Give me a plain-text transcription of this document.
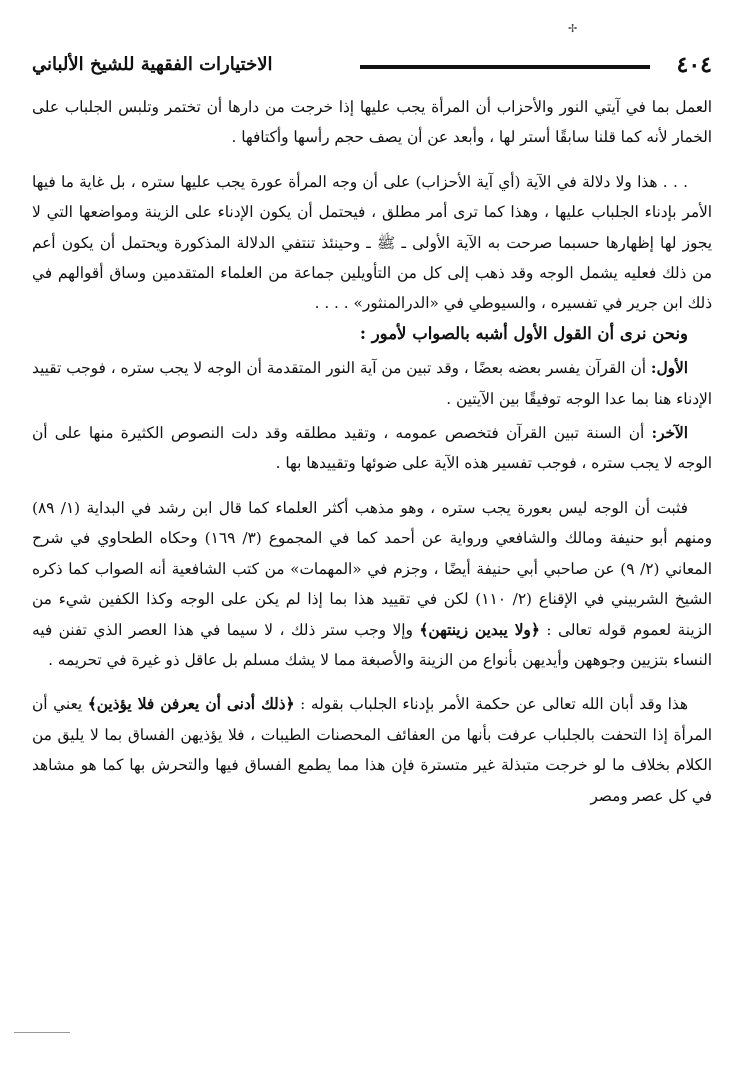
✢
٤٠٤
الاختيارات الفقهية للشيخ الألباني

العمل بما في آيتي النور والأحزاب أن المرأة يجب عليها إذا خرجت من دارها أن تختمر وتلبس الجلباب على الخمار لأنه كما قلنا سابقًا أستر لها ، وأبعد عن أن يصف حجم رأسها وأكتافها .

. . . هذا ولا دلالة في الآية (أي آية الأحزاب) على أن وجه المرأة عورة يجب عليها ستره ، بل غاية ما فيها الأمر بإدناء الجلباب عليها ، وهذا كما ترى أمر مطلق ، فيحتمل أن يكون الإدناء على الزينة ومواضعها التي لا يجوز لها إظهارها حسبما صرحت به الآية الأولى ـ ﷺ ـ وحينئذ تنتفي الدلالة المذكورة ويحتمل أن يكون أعم من ذلك فعليه يشمل الوجه وقد ذهب إلى كل من التأويلين جماعة من العلماء المتقدمين وساق أقوالهم في ذلك ابن جرير في تفسيره ، والسيوطي في «الدرالمنثور» . . . .

ونحن نرى أن القول الأول أشبه بالصواب لأمور :

الأول: أن القرآن يفسر بعضه بعضًا ، وقد تبين من آية النور المتقدمة أن الوجه لا يجب ستره ، فوجب تقييد الإدناء هنا بما عدا الوجه توفيقًا بين الآيتين .

الآخر: أن السنة تبين القرآن فتخصص عمومه ، وتقيد مطلقه وقد دلت النصوص الكثيرة منها على أن الوجه لا يجب ستره ، فوجب تفسير هذه الآية على ضوئها وتقييدها بها .

فثبت أن الوجه ليس بعورة يجب ستره ، وهو مذهب أكثر العلماء كما قال ابن رشد في البداية (١/ ٨٩) ومنهم أبو حنيفة ومالك والشافعي ورواية عن أحمد كما في المجموع (٣/ ١٦٩) وحكاه الطحاوي في شرح المعاني (٢/ ٩) عن صاحبي أبي حنيفة أيضًا ، وجزم في «المهمات» من كتب الشافعية أنه الصواب كما ذكره الشيخ الشربيني في الإقناع (٢/ ١١٠) لكن في تقييد هذا بما إذا لم يكن على الوجه وكذا الكفين شيء من الزينة لعموم قوله تعالى : ﴿ولا يبدين زينتهن﴾ وإلا وجب ستر ذلك ، لا سيما في هذا العصر الذي تفنن فيه النساء بتزيين وجوههن وأيديهن بأنواع من الزينة والأصبغة مما لا يشك مسلم بل عاقل ذو غيرة في تحريمه .

هذا وقد أبان الله تعالى عن حكمة الأمر بإدناء الجلباب بقوله : ﴿ذلك أدنى أن يعرفن فلا يؤذين﴾ يعني أن المرأة إذا التحفت بالجلباب عرفت بأنها من العفائف المحصنات الطيبات ، فلا يؤذيهن الفساق بما لا يليق من الكلام بخلاف ما لو خرجت متبذلة غير متسترة فإن هذا مما يطمع الفساق فيها والتحرش بها كما هو مشاهد في كل عصر ومصر
